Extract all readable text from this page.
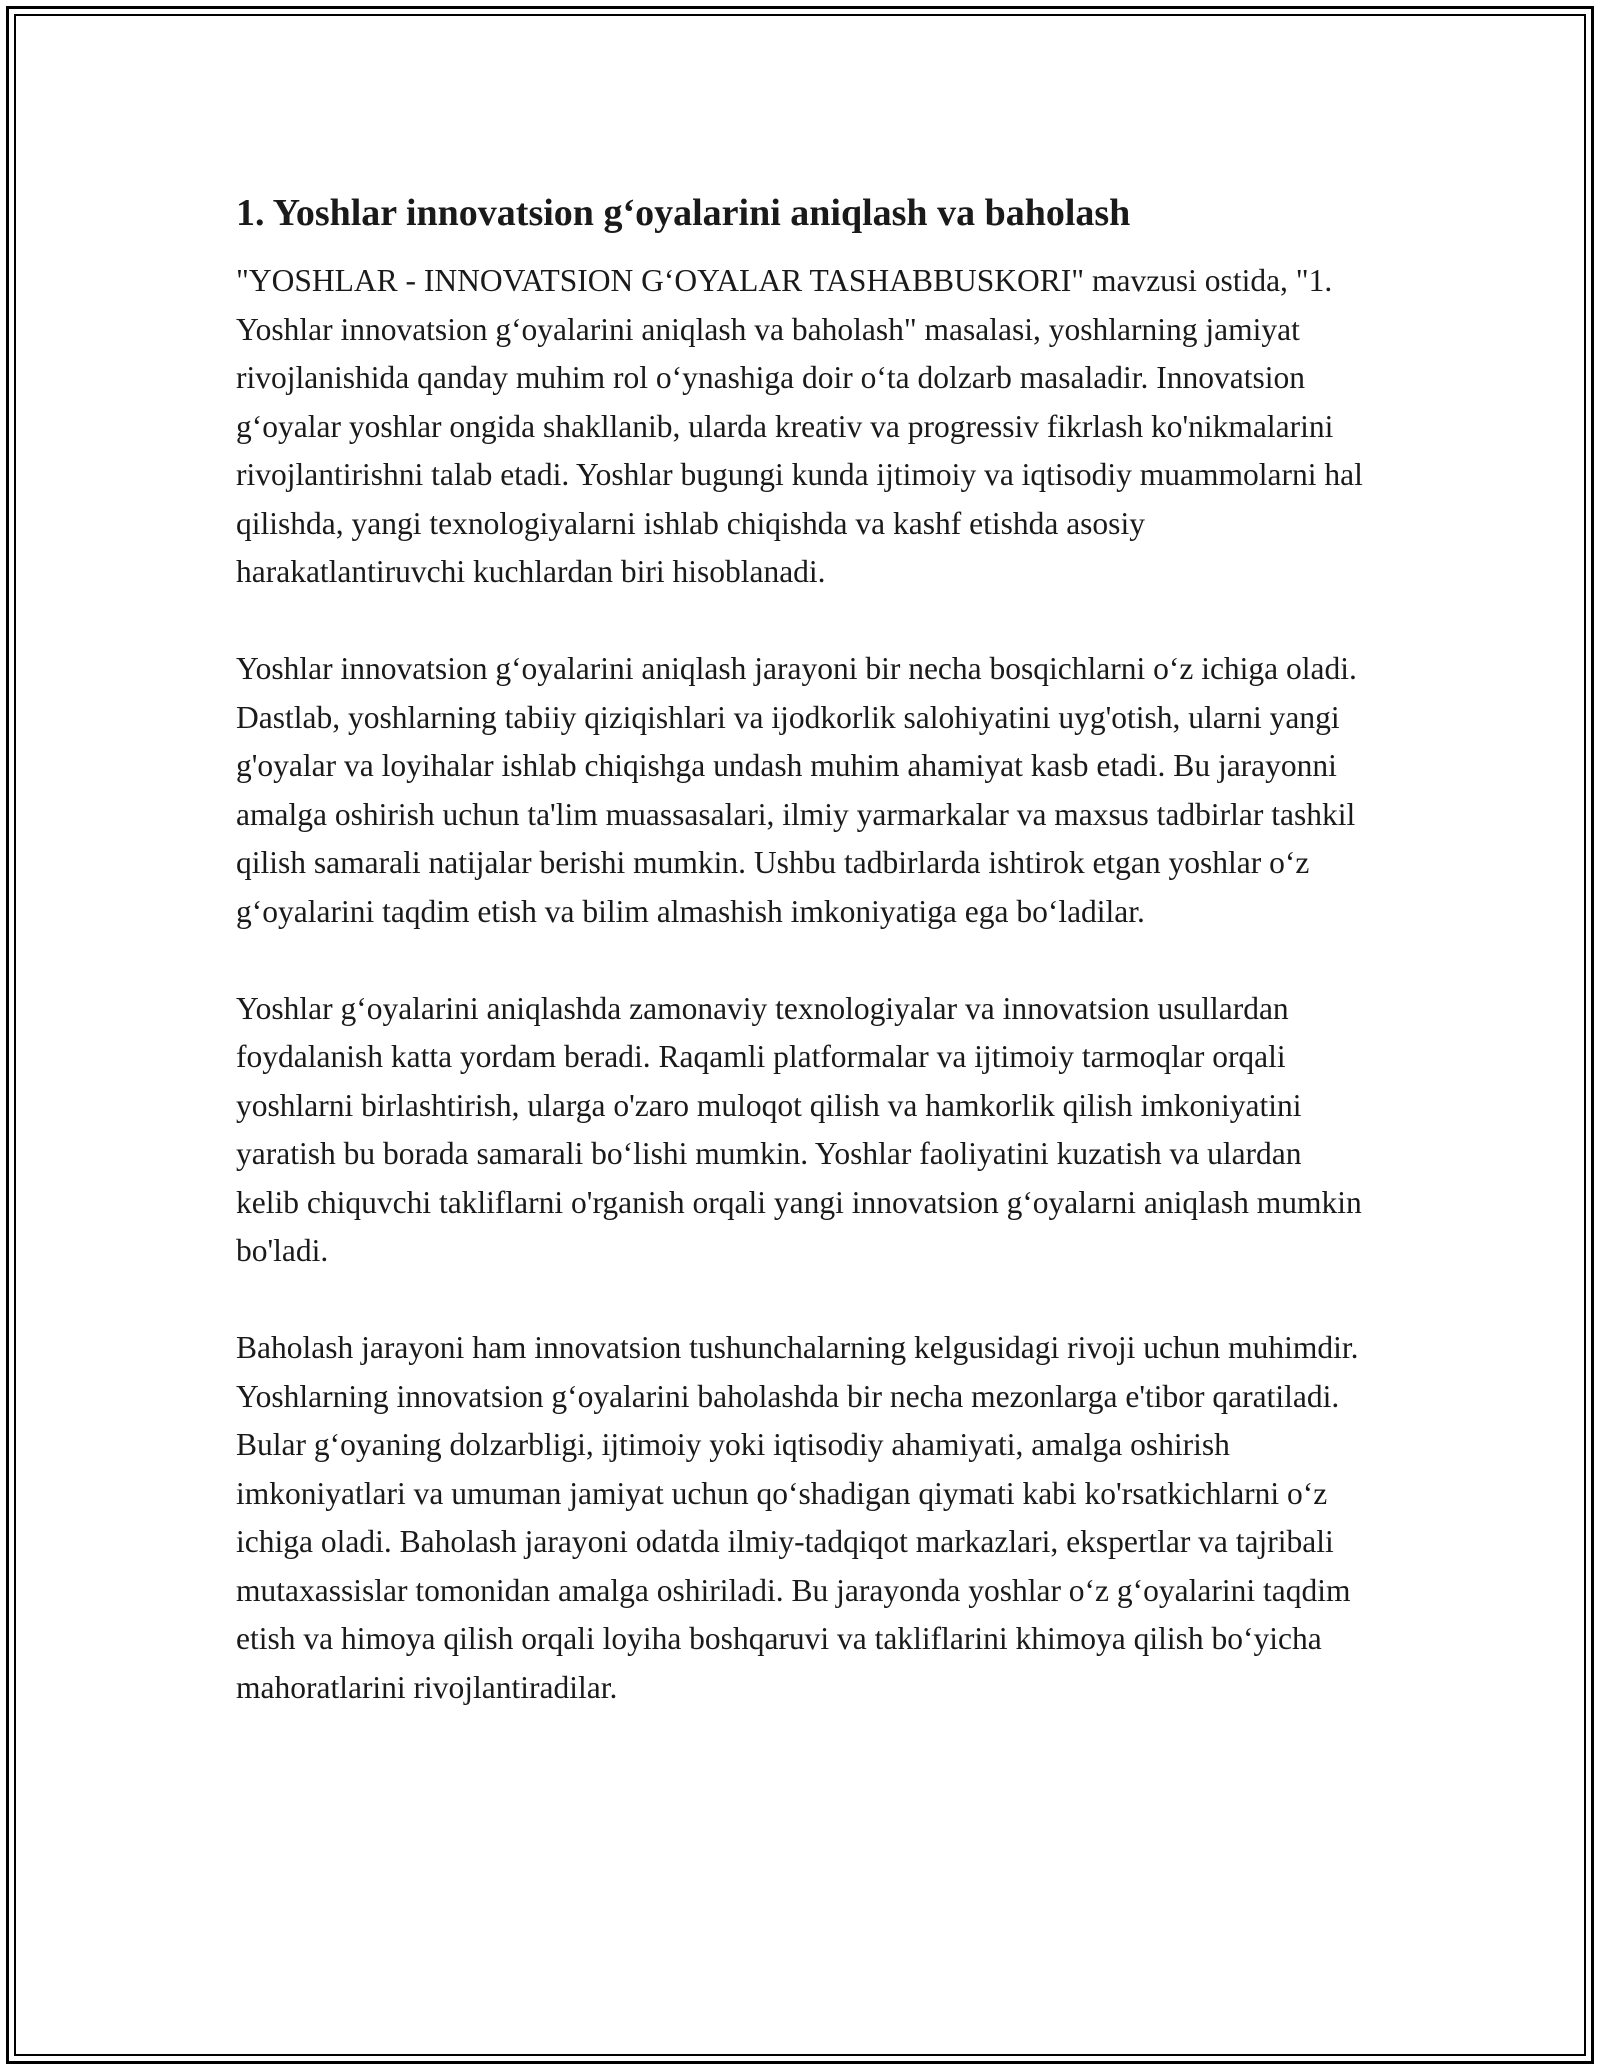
1. Yoshlar innovatsion g‘oyalarini aniqlash va baholash

"YOSHLAR - INNOVATSION G‘OYALAR TASHABBUSKORI" mavzusi ostida, "1. Yoshlar innovatsion g‘oyalarini aniqlash va baholash" masalasi, yoshlarning jamiyat rivojlanishida qanday muhim rol o‘ynashiga doir o‘ta dolzarb masaladir. Innovatsion g‘oyalar yoshlar ongida shakllanib, ularda kreativ va progressiv fikrlash ko'nikmalarini rivojlantirishni talab etadi. Yoshlar bugungi kunda ijtimoiy va iqtisodiy muammolarni hal qilishda, yangi texnologiyalarni ishlab chiqishda va kashf etishda asosiy harakatlantiruvchi kuchlardan biri hisoblanadi.

Yoshlar innovatsion g‘oyalarini aniqlash jarayoni bir necha bosqichlarni o‘z ichiga oladi. Dastlab, yoshlarning tabiiy qiziqishlari va ijodkorlik salohiyatini uyg'otish, ularni yangi g'oyalar va loyihalar ishlab chiqishga undash muhim ahamiyat kasb etadi. Bu jarayonni amalga oshirish uchun ta'lim muassasalari, ilmiy yarmarkalar va maxsus tadbirlar tashkil qilish samarali natijalar berishi mumkin. Ushbu tadbirlarda ishtirok etgan yoshlar o‘z g‘oyalarini taqdim etish va bilim almashish imkoniyatiga ega bo‘ladilar.

Yoshlar g‘oyalarini aniqlashda zamonaviy texnologiyalar va innovatsion usullardan foydalanish katta yordam beradi. Raqamli platformalar va ijtimoiy tarmoqlar orqali yoshlarni birlashtirish, ularga o'zaro muloqot qilish va hamkorlik qilish imkoniyatini yaratish bu borada samarali bo‘lishi mumkin. Yoshlar faoliyatini kuzatish va ulardan kelib chiquvchi takliflarni o'rganish orqali yangi innovatsion g‘oyalarni aniqlash mumkin bo'ladi.

Baholash jarayoni ham innovatsion tushunchalarning kelgusidagi rivoji uchun muhimdir. Yoshlarning innovatsion g‘oyalarini baholashda bir necha mezonlarga e'tibor qaratiladi. Bular g‘oyaning dolzarbligi, ijtimoiy yoki iqtisodiy ahamiyati, amalga oshirish imkoniyatlari va umuman jamiyat uchun qo‘shadigan qiymati kabi ko'rsatkichlarni o‘z ichiga oladi. Baholash jarayoni odatda ilmiy-tadqiqot markazlari, ekspertlar va tajribali mutaxassislar tomonidan amalga oshiriladi. Bu jarayonda yoshlar o‘z g‘oyalarini taqdim etish va himoya qilish orqali loyiha boshqaruvi va takliflarini khimoya qilish bo‘yicha mahoratlarini rivojlantiradilar.
